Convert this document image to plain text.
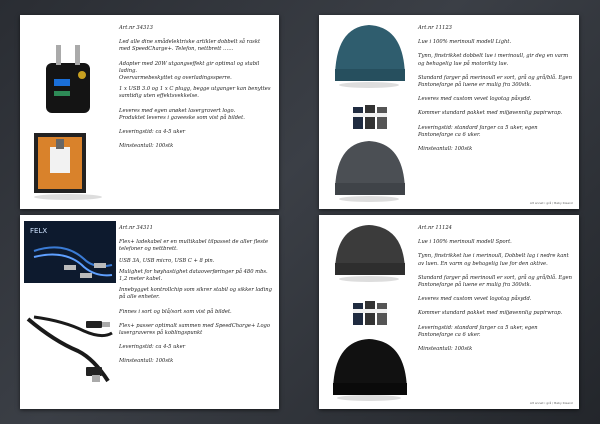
Art.nr 34313

Led alle dine smådelektriske artikler dobbelt så raskt med SpeedCharge+. Telefon, nettbrett ……

Adapter med 20W utgangseffekt gir optimal og stabil lading.
Overvarmebeskyttet og overladingssperre.

1 x USB 3.0 og 1 x C plugg, begge utganger kan benyttes samtidig uten effektsvekkelse.

Leveres med egen anøket lasergravert logo.
Produktet leveres i gaveeske som vist på bildet.

Leveringstid: ca 4-5 uker

Minsteantall: 100stk

Art.nr 11123

Lue i 100% merinoull modell Light.

Tynn, finstrikket dobbelt lue i merinoull, gir deg en varm og behagelig lue på motorikty lue.

Standard farger på merinoull er sort, grå og grå/blå. Egen Pantonefarge på luene er mulig fra 300stk.

Leveres med custom vevet logotag påsydd.

Kommer standard pakket med miljøvennlig papirwrap.

Leveringstid: standard farger ca 5 uker, egen Pantonefarge ca 6 uker.

Minsteantall: 100stk

Alt annet i grå / Baby Kleerol
FELX	Art.nr 34311

Flex+ ladekabel er en multikabel tilpasset de aller fleste telefoner og nettbrett.

USB 3A, USB micro, USB C + 8 pin.

Mulighet for høyhastighet dataoverføringer på 480 mbs. 1,2 meter kabel.

Innebygget kontrollchip som sikrer stabil og sikker lading på alle enheter.

Finnes i sort og blå/sort som vist på bildet.

Flex+ passer optimalt sammen med SpeedCharge+ Logo lasergraveres på koblingspunkt

Leveringstid: ca 4-5 uker

Minsteantall: 100stk

Art.nr 11124

Lue i 100% merinoull modell Sport.

Tynn, finstrikket lue i merinoull, Dobbelt lag i nedre kant av luen. En varm og behagelig lue for den aktive.

Standard farger på merinoull er sort, grå og grå/blå. Egen Pantonefarge på luene er mulig fra 300stk.

Leveres med custom vevet logotag påsydd.

Kommer standard pakket med miljøvennlig papirwrap.

Leveringstid: standard farger ca 5 uker, egen Pantonefarge ca 6 uker.

Minsteantall: 100stk

Alt annet i grå / Baby Kleerol
